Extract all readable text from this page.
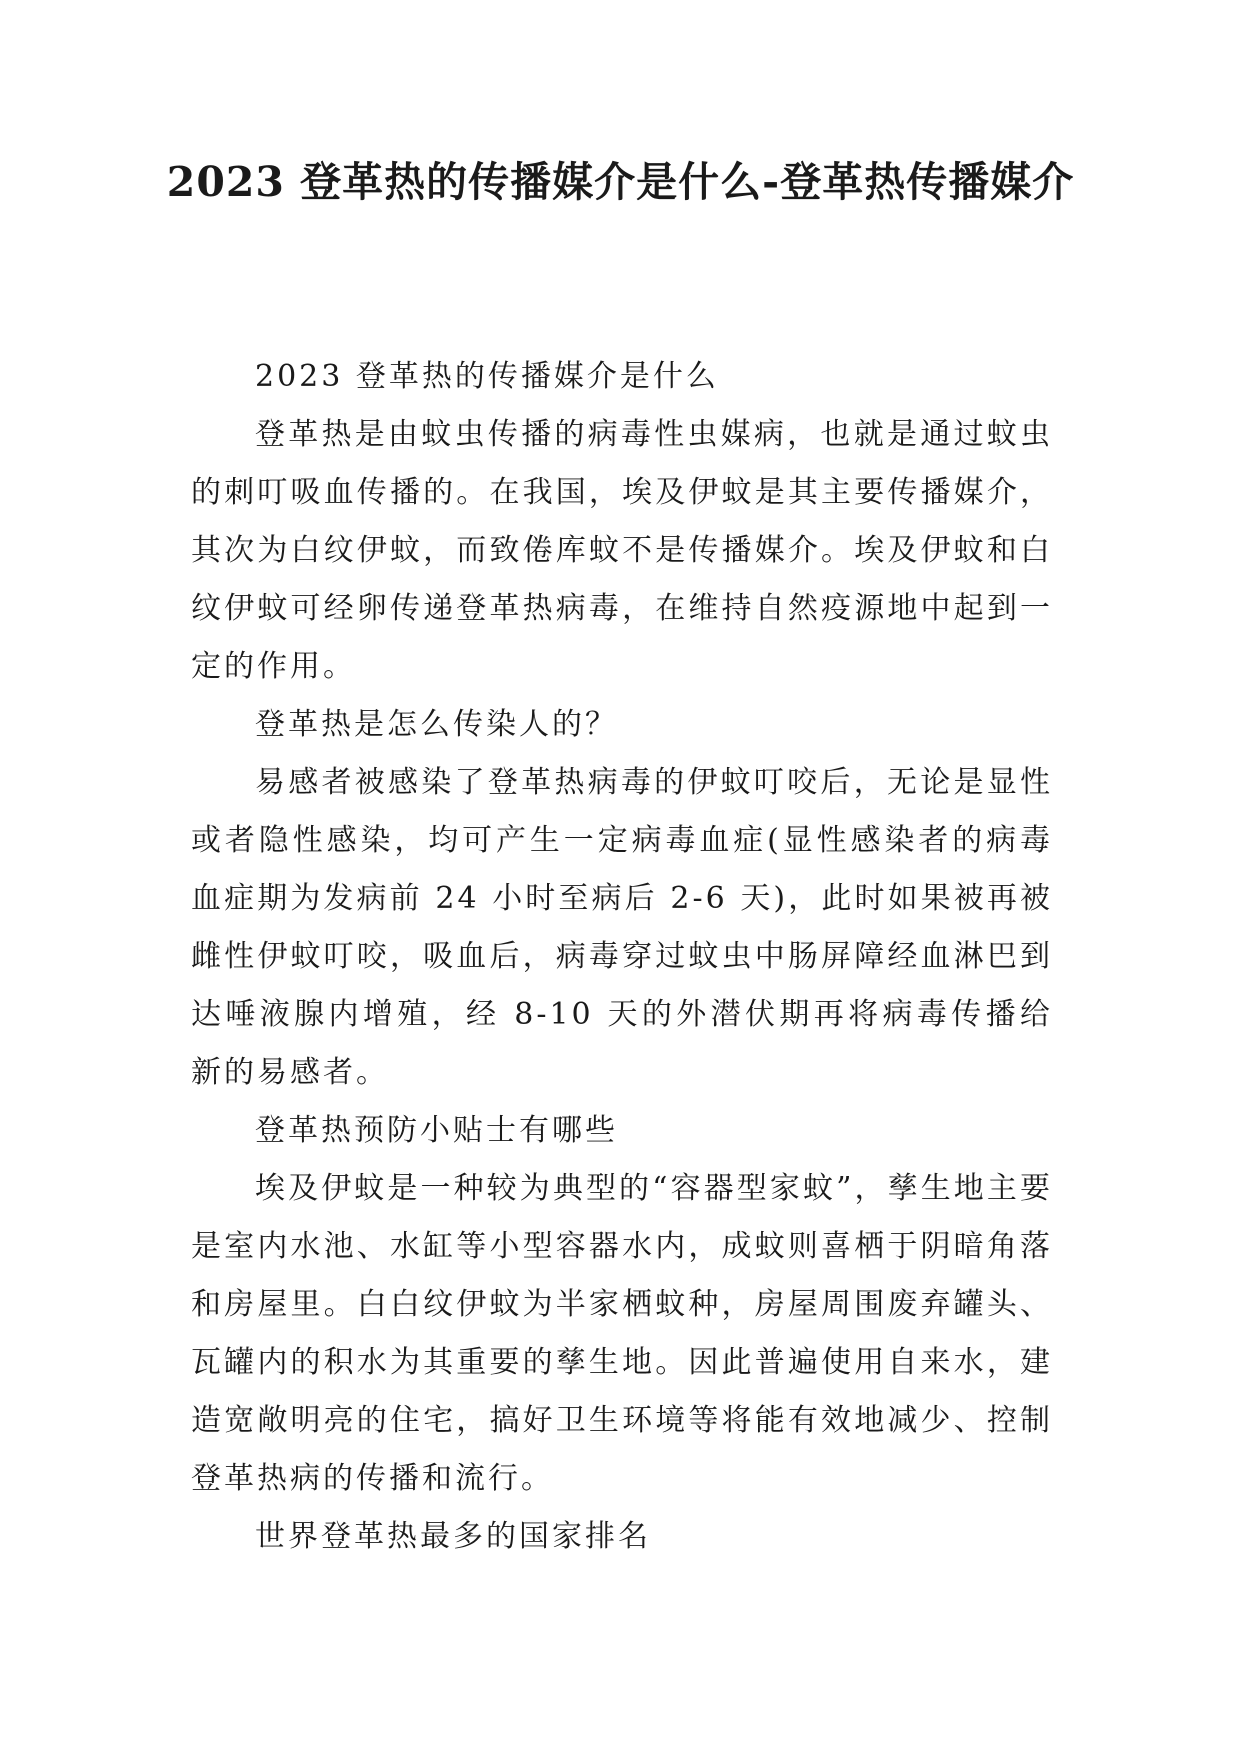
2023 登革热的传播媒介是什么-登革热传播媒介

2023 登革热的传播媒介是什么

登革热是由蚊虫传播的病毒性虫媒病，也就是通过蚊虫的刺叮吸血传播的。在我国，埃及伊蚊是其主要传播媒介，其次为白纹伊蚊，而致倦库蚊不是传播媒介。埃及伊蚊和白纹伊蚊可经卵传递登革热病毒，在维持自然疫源地中起到一定的作用。

登革热是怎么传染人的？

易感者被感染了登革热病毒的伊蚊叮咬后，无论是显性或者隐性感染，均可产生一定病毒血症(显性感染者的病毒血症期为发病前 24 小时至病后 2-6 天)，此时如果被再被雌性伊蚊叮咬，吸血后，病毒穿过蚊虫中肠屏障经血淋巴到达唾液腺内增殖，经 8-10 天的外潜伏期再将病毒传播给新的易感者。

登革热预防小贴士有哪些

埃及伊蚊是一种较为典型的“容器型家蚊”，孳生地主要是室内水池、水缸等小型容器水内，成蚊则喜栖于阴暗角落和房屋里。白白纹伊蚊为半家栖蚊种，房屋周围废弃罐头、瓦罐内的积水为其重要的孳生地。因此普遍使用自来水，建造宽敞明亮的住宅，搞好卫生环境等将能有效地减少、控制登革热病的传播和流行。

世界登革热最多的国家排名
